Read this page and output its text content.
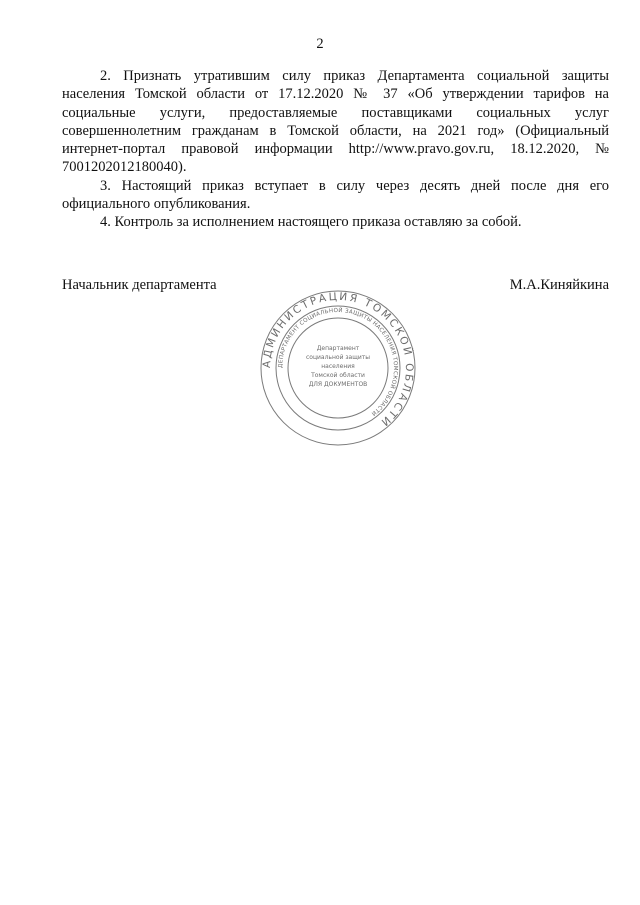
2

2. Признать утратившим силу приказ Департамента социальной защиты населения Томской области от 17.12.2020 № 37 «Об утверждении тарифов на социальные услуги, предоставляемые поставщиками социальных услуг совершеннолетним гражданам в Томской области, на 2021 год» (Официальный интернет-портал правовой информации http://www.pravo.gov.ru, 18.12.2020, № 7001202012180040).

3. Настоящий приказ вступает в силу через десять дней после дня его официального опубликования.

4. Контроль за исполнением настоящего приказа оставляю за собой.

Начальник департамента	М.А.Киняйкина
АДМИНИСТРАЦИЯ ТОМСКОЙ ОБЛАСТИ
ДЕПАРТАМЕНТ СОЦИАЛЬНОЙ ЗАЩИТЫ НАСЕЛЕНИЯ ТОМСКОЙ ОБЛАСТИ
Департамент
социальной защиты
населения
Томской области
ДЛЯ ДОКУМЕНТОВ
